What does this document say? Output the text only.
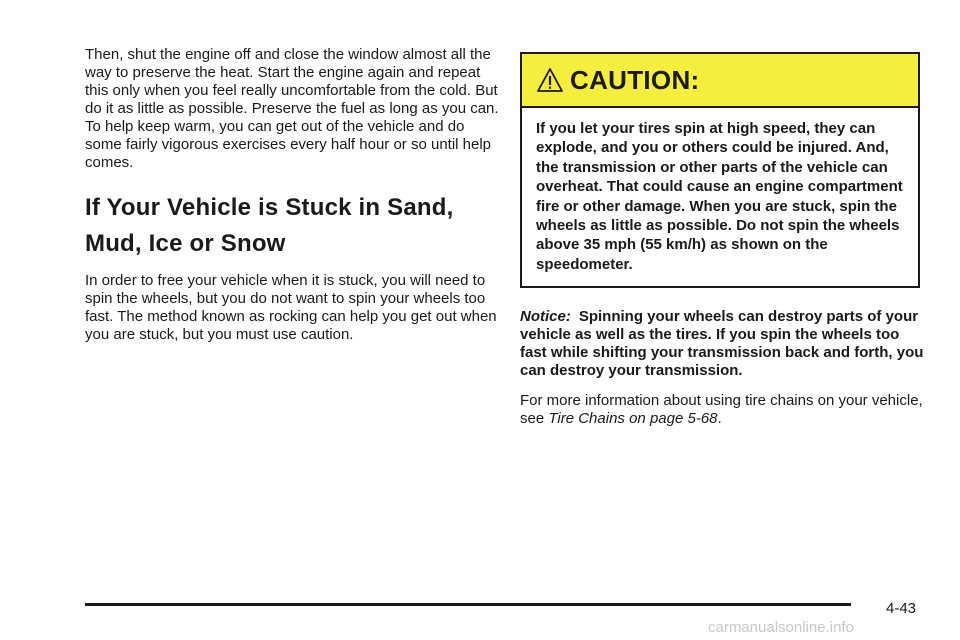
Then, shut the engine off and close the window almost all the way to preserve the heat. Start the engine again and repeat this only when you feel really uncomfortable from the cold. But do it as little as possible. Preserve the fuel as long as you can. To help keep warm, you can get out of the vehicle and do some fairly vigorous exercises every half hour or so until help comes.

If Your Vehicle is Stuck in Sand, Mud, Ice or Snow

In order to free your vehicle when it is stuck, you will need to spin the wheels, but you do not want to spin your wheels too fast. The method known as rocking can help you get out when you are stuck, but you must use caution.

CAUTION:
If you let your tires spin at high speed, they can explode, and you or others could be injured. And, the transmission or other parts of the vehicle can overheat. That could cause an engine compartment fire or other damage. When you are stuck, spin the wheels as little as possible. Do not spin the wheels above 35 mph (55 km/h) as shown on the speedometer.

Notice: Spinning your wheels can destroy parts of your vehicle as well as the tires. If you spin the wheels too fast while shifting your transmission back and forth, you can destroy your transmission.

For more information about using tire chains on your vehicle, see Tire Chains on page 5-68.

4-43
carmanualsonline.info
